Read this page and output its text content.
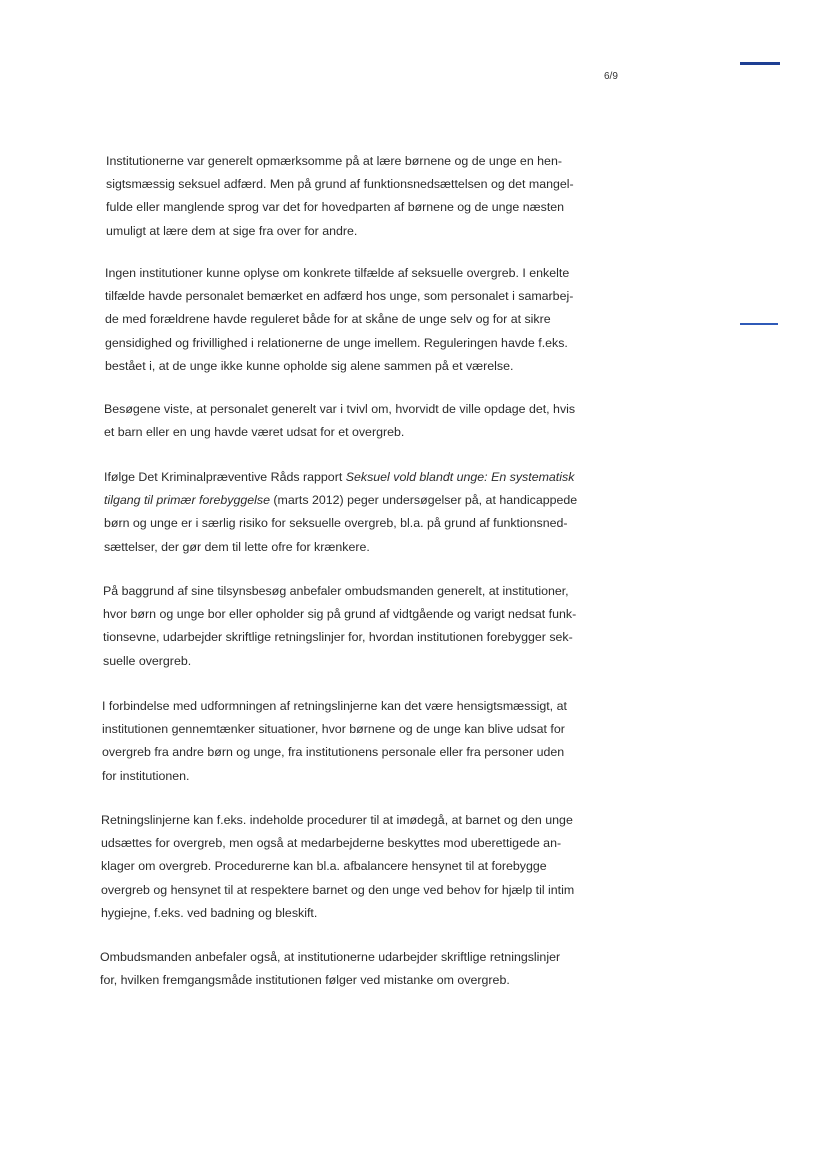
6/9

Institutionerne var generelt opmærksomme på at lære børnene og de unge en hen-
sigtsmæssig seksuel adfærd. Men på grund af funktionsnedsættelsen og det mangel-
fulde eller manglende sprog var det for hovedparten af børnene og de unge næsten
umuligt at lære dem at sige fra over for andre.

Ingen institutioner kunne oplyse om konkrete tilfælde af seksuelle overgreb. I enkelte
tilfælde havde personalet bemærket en adfærd hos unge, som personalet i samarbej-
de med forældrene havde reguleret både for at skåne de unge selv og for at sikre
gensidighed og frivillighed i relationerne de unge imellem. Reguleringen havde f.eks.
bestået i, at de unge ikke kunne opholde sig alene sammen på et værelse.

Besøgene viste, at personalet generelt var i tvivl om, hvorvidt de ville opdage det, hvis
et barn eller en ung havde været udsat for et overgreb.

Ifølge Det Kriminalpræventive Råds rapport Seksuel vold blandt unge: En systematisk
tilgang til primær forebyggelse (marts 2012) peger undersøgelser på, at handicappede
børn og unge er i særlig risiko for seksuelle overgreb, bl.a. på grund af funktionsned-
sættelser, der gør dem til lette ofre for krænkere.

På baggrund af sine tilsynsbesøg anbefaler ombudsmanden generelt, at institutioner,
hvor børn og unge bor eller opholder sig på grund af vidtgående og varigt nedsat funk-
tionsevne, udarbejder skriftlige retningslinjer for, hvordan institutionen forebygger sek-
suelle overgreb.

I forbindelse med udformningen af retningslinjerne kan det være hensigtsmæssigt, at
institutionen gennemtænker situationer, hvor børnene og de unge kan blive udsat for
overgreb fra andre børn og unge, fra institutionens personale eller fra personer uden
for institutionen.

Retningslinjerne kan f.eks. indeholde procedurer til at imødegå, at barnet og den unge
udsættes for overgreb, men også at medarbejderne beskyttes mod uberettigede an-
klager om overgreb. Procedurerne kan bl.a. afbalancere hensynet til at forebygge
overgreb og hensynet til at respektere barnet og den unge ved behov for hjælp til intim
hygiejne, f.eks. ved badning og bleskift.

Ombudsmanden anbefaler også, at institutionerne udarbejder skriftlige retningslinjer
for, hvilken fremgangsmåde institutionen følger ved mistanke om overgreb.
